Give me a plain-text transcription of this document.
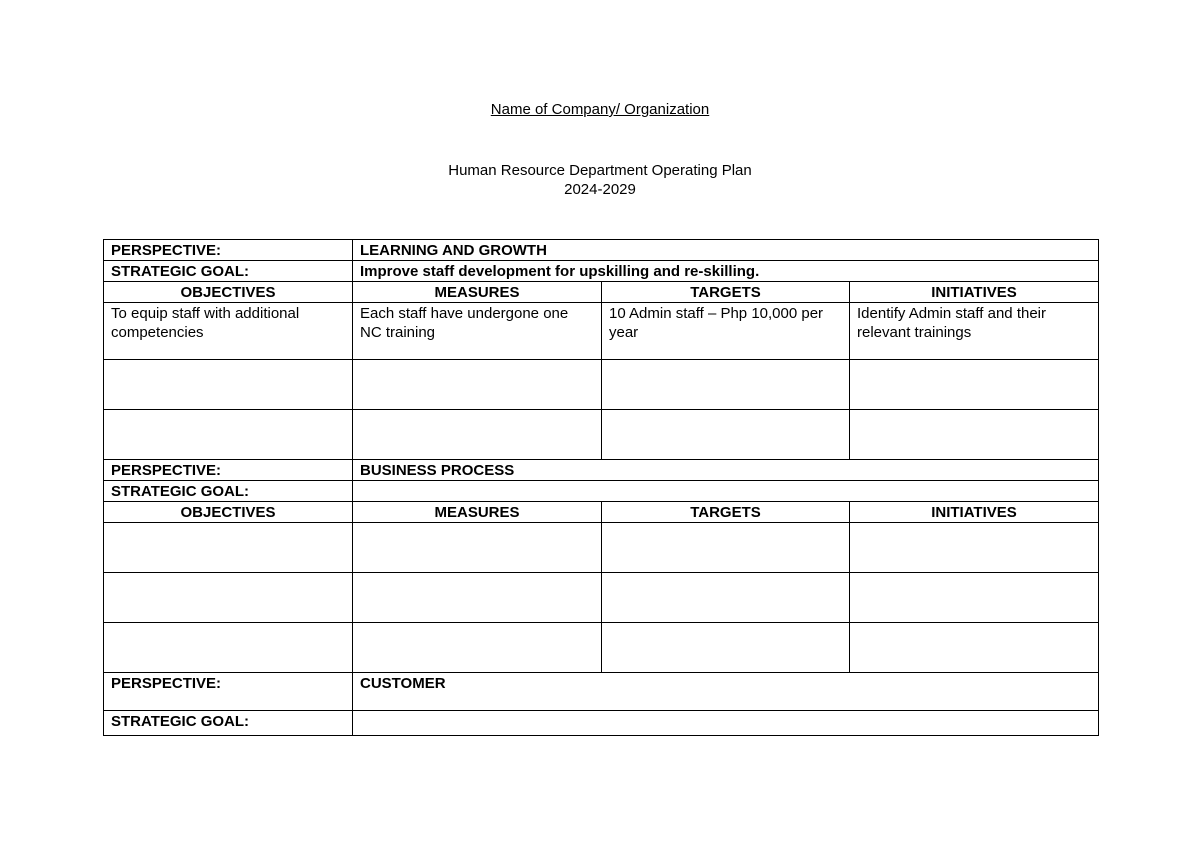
Name of Company/ Organization
Human Resource Department Operating Plan
2024-2029
PERSPECTIVE:	LEARNING AND GROWTH		
STRATEGIC GOAL:	Improve staff development for upskilling and re-skilling.		
OBJECTIVES	MEASURES	TARGETS	INITIATIVES
To equip staff with additional competencies	Each staff have undergone one NC training	10 Admin staff – Php 10,000 per year	Identify Admin staff and their relevant trainings

PERSPECTIVE:	BUSINESS PROCESS		
STRATEGIC GOAL:			
OBJECTIVES	MEASURES	TARGETS	INITIATIVES

PERSPECTIVE:	CUSTOMER		
STRATEGIC GOAL:			
